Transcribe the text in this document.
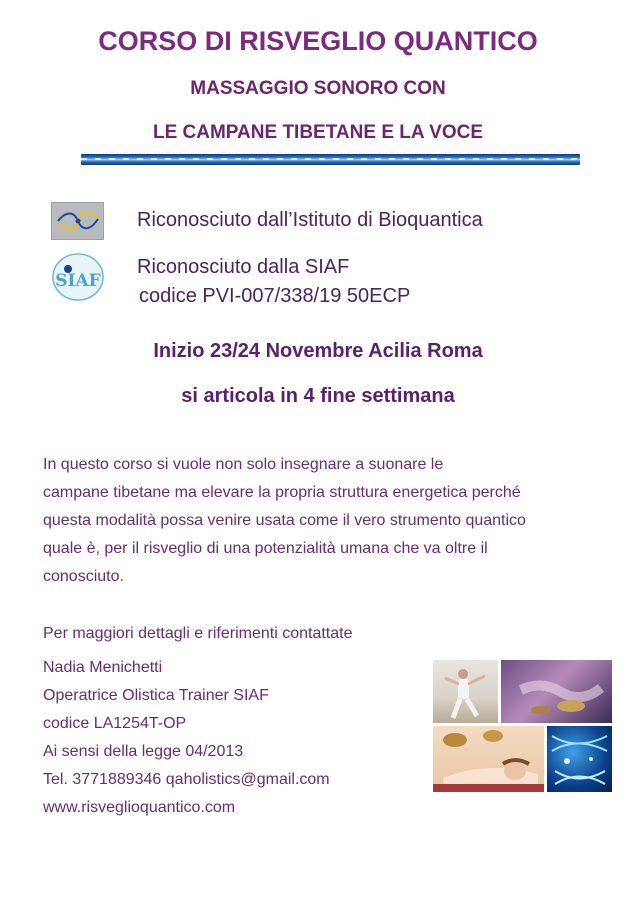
CORSO DI RISVEGLIO QUANTICO
MASSAGGIO SONORO CON
LE CAMPANE TIBETANE E LA VOCE
SIAF
Riconosciuto dall’Istituto di Bioquantica
Riconosciuto dalla SIAF
codice PVI-007/338/19 50ECP
Inizio 23/24 Novembre Acilia Roma
si articola in 4 fine settimana
In questo corso si vuole non solo insegnare a suonare le
campane tibetane ma elevare la propria struttura energetica perché
questa modalità possa venire usata come il vero strumento quantico
quale è, per il risveglio di una potenzialità umana che va oltre il
conosciuto.
Per maggiori dettagli e riferimenti contattate
Nadia Menichetti
Operatrice Olistica Trainer SIAF
codice LA1254T-OP
Ai sensi della legge 04/2013
Tel. 3771889346 qaholistics@gmail.com
www.risveglioquantico.com
